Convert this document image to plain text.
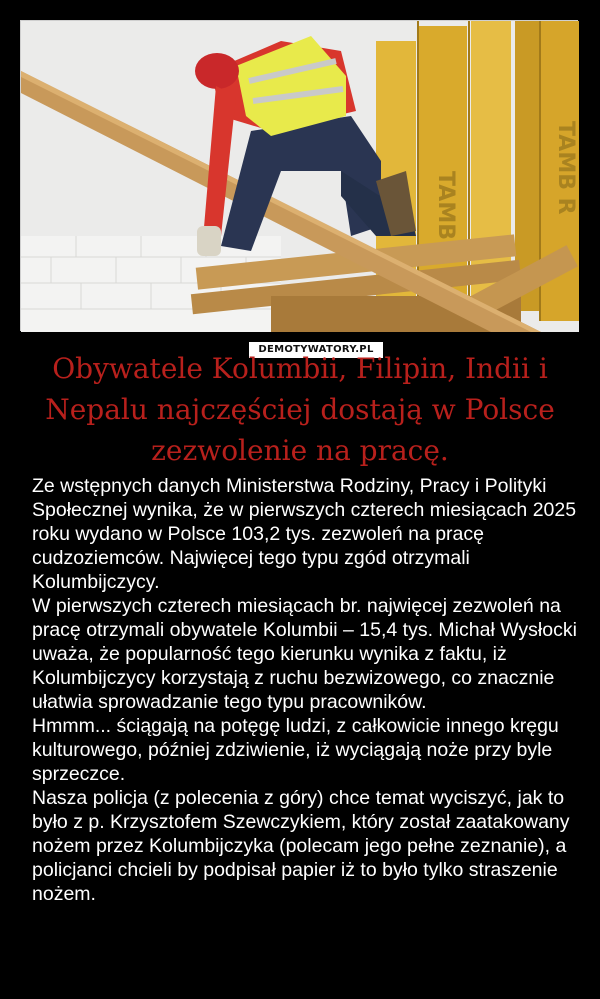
TAMB	TAMB R
DEMOTYWATORY.PL
Obywatele Kolumbii, Filipin, Indii i Nepalu najczęściej dostają w Polsce zezwolenie na pracę.

Ze wstępnych danych Ministerstwa Rodziny, Pracy i Polityki Społecznej wynika, że w pierwszych czterech miesiącach 2025 roku wydano w Polsce 103,2 tys. zezwoleń na pracę cudzoziemców. Najwięcej tego typu zgód otrzymali Kolumbijczycy.

W pierwszych czterech miesiącach br. najwięcej zezwoleń na pracę otrzymali obywatele Kolumbii – 15,4 tys. Michał Wysłocki uważa, że popularność tego kierunku wynika z faktu, iż Kolumbijczycy korzystają z ruchu bezwizowego, co znacznie ułatwia sprowadzanie tego typu pracowników.

Hmmm... ściągają na potęgę ludzi, z całkowicie innego kręgu kulturowego, później zdziwienie, iż wyciągają noże przy byle sprzeczce.

Nasza policja (z polecenia z góry) chce temat wyciszyć, jak to było z p. Krzysztofem Szewczykiem, który został zaatakowany nożem przez Kolumbijczyka (polecam jego pełne zeznanie), a policjanci chcieli by podpisał papier iż to było tylko straszenie nożem.
